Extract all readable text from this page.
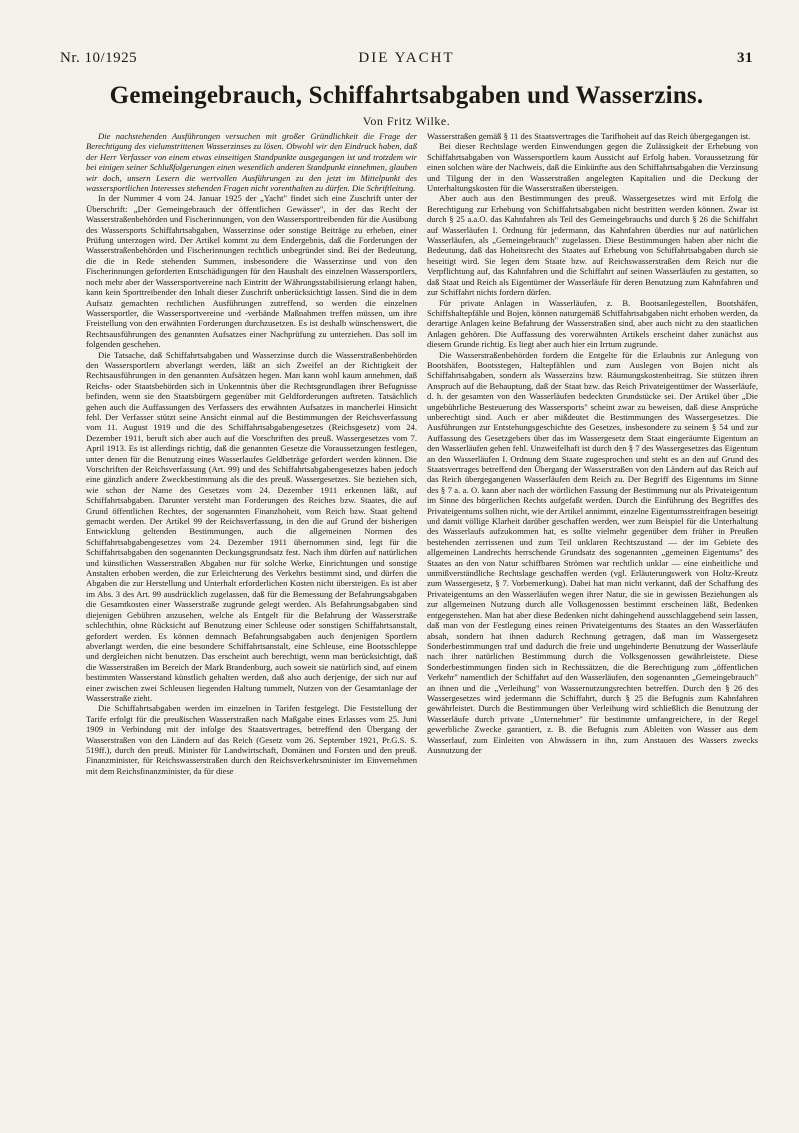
Nr. 10/1925	DIE YACHT	31
Gemeingebrauch, Schiffahrtsabgaben und Wasserzins.
Von Fritz Wilke.

Die nachstehenden Ausführungen versuchen mit großer Gründlichkeit die Frage der Berechtigung des vielumstrittenen Wasserzinses zu lösen. Obwohl wir den Eindruck haben, daß der Herr Verfasser von einem etwas einseitigen Standpunkte ausgegangen ist und trotzdem wir bei einigen seiner Schlußfolgerungen einen wesentlich anderen Standpunkt einnehmen, glauben wir doch, unsern Lesern die wertvollen Ausführungen zu den jetzt im Mittelpunkt des wassersportlichen Interesses stehenden Fragen nicht vorenthalten zu dürfen. Die Schriftleitung.

In der Nummer 4 vom 24. Januar 1925 der „Yacht" findet sich eine Zuschrift unter der Überschrift: „Der Gemeingebrauch der öffentlichen Gewässer", in der das Recht der Wasserstraßenbehörden und Fischerinnungen, von den Wassersporttreibenden für die Ausübung des Wassersports Schiffahrtsabgaben, Wasserzinse oder sonstige Beiträge zu erheben, einer Prüfung unterzogen wird. Der Artikel kommt zu dem Endergebnis, daß die Forderungen der Wasserstraßenbehörden und Fischerinnungen rechtlich unbegründet sind. Bei der Bedeutung, die die in Rede stehenden Summen, insbesondere die Wasserzinse und von den Fischerinnungen geforderten Entschädigungen für den Haushalt des einzelnen Wassersportlers, noch mehr aber der Wassersportvereine nach Eintritt der Währungsstabilisierung erlangt haben, kann kein Sporttreibender den Inhalt dieser Zuschrift unberücksichtigt lassen. Sind die in dem Aufsatz gemachten rechtlichen Ausführungen zutreffend, so werden die einzelnen Wassersportler, die Wassersportvereine und -verbände Maßnahmen treffen müssen, um ihre Freistellung von den erwähnten Forderungen durchzusetzen. Es ist deshalb wünschenswert, die Rechtsausführungen des genannten Aufsatzes einer Nachprüfung zu unterziehen. Das soll im folgenden geschehen.

Die Tatsache, daß Schiffahrtsabgaben und Wasserzinse durch die Wasserstraßenbehörden den Wassersportlern abverlangt werden, läßt an sich Zweifel an der Richtigkeit der Rechtsausführungen in den genannten Aufsätzen hegen. Man kann wohl kaum annehmen, daß Reichs- oder Staatsbehörden sich in Unkenntnis über die Rechtsgrundlagen ihrer Befugnisse befinden, wenn sie den Staatsbürgern gegenüber mit Geldforderungen auftreten. Tatsächlich gehen auch die Auffassungen des Verfassers des erwähnten Aufsatzes in mancherlei Hinsicht fehl. Der Verfasser stützt seine Ansicht einmal auf die Bestimmungen der Reichsverfassung vom 11. August 1919 und die des Schiffahrtsabgabengesetzes (Reichsgesetz) vom 24. Dezember 1911, beruft sich aber auch auf die Vorschriften des preuß. Wassergesetzes vom 7. April 1913. Es ist allerdings richtig, daß die genannten Gesetze die Voraussetzungen festlegen, unter denen für die Benutzung eines Wasserlaufes Geldbeträge gefordert werden können. Die Vorschriften der Reichsverfassung (Art. 99) und des Schiffahrtsabgabengesetzes haben jedoch eine gänzlich andere Zweckbestimmung als die des preuß. Wassergesetzes. Sie beziehen sich, wie schon der Name des Gesetzes vom 24. Dezember 1911 erkennen läßt, auf Schiffahrtsabgaben. Darunter versteht man Forderungen des Reiches bzw. Staates, die auf Grund öffentlichen Rechtes, der sogenannten Finanzhoheit, vom Reich bzw. Staat geltend gemacht werden. Der Artikel 99 der Reichsverfassung, in den die auf Grund der bisherigen Entwicklung geltenden Bestimmungen, auch die allgemeinen Normen des Schiffahrtsabgabengesetzes vom 24. Dezember 1911 übernommen sind, legt für die Schiffahrtsabgaben den sogenannten Deckungsgrundsatz fest. Nach ihm dürfen auf natürlichen und künstlichen Wasserstraßen Abgaben nur für solche Werke, Einrichtungen und sonstige Anstalten erhoben werden, die zur Erleichterung des Verkehrs bestimmt sind, und dürfen die Abgaben die zur Herstellung und Unterhalt erforderlichen Kosten nicht übersteigen. Es ist aber im Abs. 3 des Art. 99 ausdrücklich zugelassen, daß für die Bemessung der Befahrungsabgaben die Gesamtkosten einer Wasserstraße zugrunde gelegt werden. Als Befahrungsabgaben sind diejenigen Gebühren anzusehen, welche als Entgelt für die Befahrung der Wasserstraße schlechthin, ohne Rücksicht auf Benutzung einer Schleuse oder sonstigen Schiffahrtsanstalt, gefordert werden. Es können demnach Befahrungsabgaben auch denjenigen Sportlern abverlangt werden, die eine besondere Schiffahrtsanstalt, eine Schleuse, eine Bootsschleppe und dergleichen nicht benutzen. Das erscheint auch berechtigt, wenn man berücksichtigt, daß die Wasserstraßen im Bereich der Mark Brandenburg, auch soweit sie natürlich sind, auf einem bestimmten Wasserstand künstlich gehalten werden, daß also auch derjenige, der sich nur auf einer zwischen zwei Schleusen liegenden Haltung tummelt, Nutzen von der Gesamtanlage der Wasserstraße zieht.

Die Schiffahrtsabgaben werden im einzelnen in Tarifen festgelegt. Die Feststellung der Tarife erfolgt für die preußischen Wasserstraßen nach Maßgabe eines Erlasses vom 25. Juni 1909 in Verbindung mit der infolge des Staatsvertrages, betreffend den Übergang der Wasserstraßen von den Ländern auf das Reich (Gesetz vom 26. September 1921, Pr.G.S. S. 519ff.), durch den preuß. Minister für Landwirtschaft, Domänen und Forsten und den preuß. Finanzminister, für Reichswasserstraßen durch den Reichsverkehrsminister im Einvernehmen mit dem Reichsfinanzminister, da für diese

Wasserstraßen gemäß § 11 des Staatsvertrages die Tarifhoheit auf das Reich übergegangen ist.

Bei dieser Rechtslage werden Einwendungen gegen die Zulässigkeit der Erhebung von Schiffahrtsabgaben von Wassersportlern kaum Aussicht auf Erfolg haben. Voraussetzung für einen solchen wäre der Nachweis, daß die Einkünfte aus den Schiffahrtsabgaben die Verzinsung und Tilgung der in den Wasserstraßen angelegten Kapitalien und die Deckung der Unterhaltungskosten für die Wasserstraßen übersteigen.

Aber auch aus den Bestimmungen des preuß. Wassergesetzes wird mit Erfolg die Berechtigung zur Erhebung von Schiffahrtsabgaben nicht bestritten werden können. Zwar ist durch § 25 a.a.O. das Kahnfahren als Teil des Gemeingebrauchs und durch § 26 die Schiffahrt auf Wasserläufen I. Ordnung für jedermann, das Kahnfahren überdies nur auf natürlichen Wasserläufen, als „Gemeingebrauch" zugelassen. Diese Bestimmungen haben aber nicht die Bedeutung, daß das Hoheitsrecht des Staates auf Erhebung von Schiffahrtsabgaben durch sie beseitigt wird. Sie legen dem Staate bzw. auf Reichswasserstraßen dem Reich nur die Verpflichtung auf, das Kahnfahren und die Schiffahrt auf seinen Wasserläufen zu gestatten, so daß Staat und Reich als Eigentümer der Wasserläufe für deren Benutzung zum Kahnfahren und zur Schiffahrt nichts fordern dürfen.

Für private Anlagen in Wasserläufen, z. B. Bootsanlegestellen, Bootshäfen, Schiffshaltepfähle und Bojen, können naturgemäß Schiffahrtsabgaben nicht erhoben werden, da derartige Anlagen keine Befahrung der Wasserstraßen sind, aber auch nicht zu den staatlichen Anlagen gehören. Die Auffassung des vorerwähnten Artikels erscheint daher zunächst aus diesem Grunde richtig. Es liegt aber auch hier ein Irrtum zugrunde.

Die Wasserstraßenbehörden fordern die Entgelte für die Erlaubnis zur Anlegung von Bootshäfen, Bootsstegen, Haltepfählen und zum Auslegen von Bojen nicht als Schiffahrtsabgaben, sondern als Wasserzins bzw. Räumungskostenbeitrag. Sie stützen ihren Anspruch auf die Behauptung, daß der Staat bzw. das Reich Privateigentümer der Wasserläufe, d. h. der gesamten von den Wasserläufen bedeckten Grundstücke sei. Der Artikel über „Die ungebührliche Besteuerung des Wassersports" scheint zwar zu beweisen, daß diese Ansprüche unberechtigt sind. Auch er aber mißdeutet die Bestimmungen des Wassergesetzes. Die Ausführungen zur Entstehungsgeschichte des Gesetzes, insbesondere zu seinem § 54 und zur Auffassung des Gesetzgebers über das im Wassergesetz dem Staat eingeräumte Eigentum an den Wasserläufen gehen fehl. Unzweifelhaft ist durch den § 7 des Wassergesetzes das Eigentum an den Wasserläufen I. Ordnung dem Staate zugesprochen und steht es an den auf Grund des Staatsvertrages betreffend den Übergang der Wasserstraßen von den Ländern auf das Reich auf das Reich übergegangenen Wasserläufen dem Reich zu. Der Begriff des Eigentums im Sinne des § 7 a. a. O. kann aber nach der wörtlichen Fassung der Bestimmung nur als Privateigentum im Sinne des bürgerlichen Rechts aufgefaßt werden. Durch die Einführung des Begriffes des Privateigentums sollten nicht, wie der Artikel annimmt, einzelne Eigentumsstreitfragen beseitigt und damit völlige Klarheit darüber geschaffen werden, wer zum Beispiel für die Unterhaltung des Wasserlaufs aufzukommen hat, es sollte vielmehr gegenüber dem früher in Preußen bestehenden zerrissenen und zum Teil unklaren Rechtszustand — der im Gebiete des allgemeinen Landrechts herrschende Grundsatz des sogenannten „gemeinen Eigentums" des Staates an den von Natur schiffbaren Strömen war rechtlich unklar — eine einheitliche und unmißverständliche Rechtslage geschaffen werden (vgl. Erläuterungswerk von Holtz-Kreutz zum Wassergesetz, § 7. Vorbemerkung). Dabei hat man nicht verkannt, daß der Schaffung des Privateigentums an den Wasserläufen wegen ihrer Natur, die sie in gewissen Beziehungen als zur allgemeinen Nutzung durch alle Volksgenossen bestimmt erscheinen läßt, Bedenken entgegenstehen. Man hat aber diese Bedenken nicht dahingehend ausschlaggebend sein lassen, daß man von der Festlegung eines reinen Privateigentums des Staates an den Wasserläufen absah, sondern hat ihnen dadurch Rechnung getragen, daß man im Wassergesetz Sonderbestimmungen traf und dadurch die freie und ungehinderte Benutzung der Wasserläufe nach ihrer natürlichen Bestimmung durch die Volksgenossen gewährleistete. Diese Sonderbestimmungen finden sich in Rechtssätzen, die die Berechtigung zum „öffentlichen Verkehr" namentlich der Schiffahrt auf den Wasserläufen, den sogenannten „Gemeingebrauch" an ihnen und die „Verleihung" von Wassernutzungsrechten betreffen. Durch den § 26 des Wassergesetzes wird jedermann die Schiffahrt, durch § 25 die Befugnis zum Kahnfahren gewährleistet. Durch die Bestimmungen über Verleihung wird schließlich die Benutzung der Wasserläufe durch private „Unternehmer" für bestimmte umfangreichere, in der Regel gewerbliche Zwecke garantiert, z. B. die Befugnis zum Ableiten von Wasser aus dem Wasserlauf, zum Einleiten von Abwässern in ihn, zum Anstauen des Wassers zwecks Ausnutzung der
